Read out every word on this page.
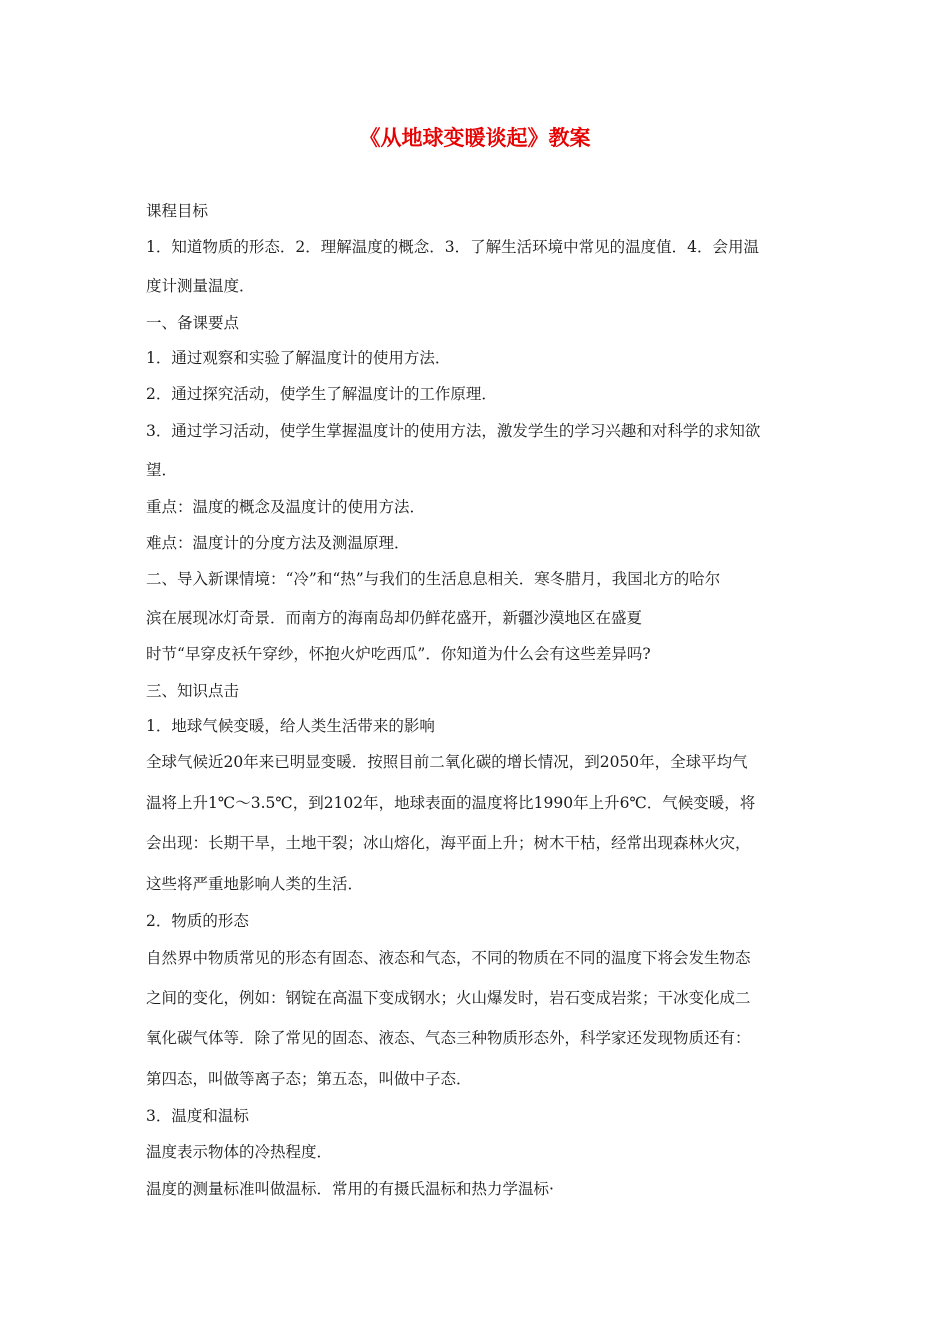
《从地球变暖谈起》教案
课程目标
1．知道物质的形态．2．理解温度的概念．3．了解生活环境中常见的温度值．4．会用温
度计测量温度．
一、备课要点
1．通过观察和实验了解温度计的使用方法．
2．通过探究活动，使学生了解温度计的工作原理．
3．通过学习活动，使学生掌握温度计的使用方法，激发学生的学习兴趣和对科学的求知欲
望．
重点：温度的概念及温度计的使用方法．
难点：温度计的分度方法及测温原理．
二、导入新课情境：“冷”和“热”与我们的生活息息相关．寒冬腊月，我国北方的哈尔
滨在展现冰灯奇景．而南方的海南岛却仍鲜花盛开，新疆沙漠地区在盛夏
时节“早穿皮袄午穿纱，怀抱火炉吃西瓜”．你知道为什么会有这些差异吗?
三、知识点击
1．地球气候变暖，给人类生活带来的影响
全球气候近20年来已明显变暖．按照目前二氧化碳的增长情况，到2050年，全球平均气
温将上升1℃～3.5℃，到2102年，地球表面的温度将比1990年上升6℃．气候变暖，将
会出现：长期干旱，土地干裂；冰山熔化，海平面上升；树木干枯，经常出现森林火灾，
这些将严重地影响人类的生活．
2．物质的形态
自然界中物质常见的形态有固态、液态和气态，不同的物质在不同的温度下将会发生物态
之间的变化，例如：钢锭在高温下变成钢水；火山爆发时，岩石变成岩浆；干冰变化成二
氧化碳气体等．除了常见的固态、液态、气态三种物质形态外，科学家还发现物质还有：
第四态，叫做等离子态；第五态，叫做中子态．
3．温度和温标
温度表示物体的冷热程度．
温度的测量标准叫做温标．常用的有摄氏温标和热力学温标·
